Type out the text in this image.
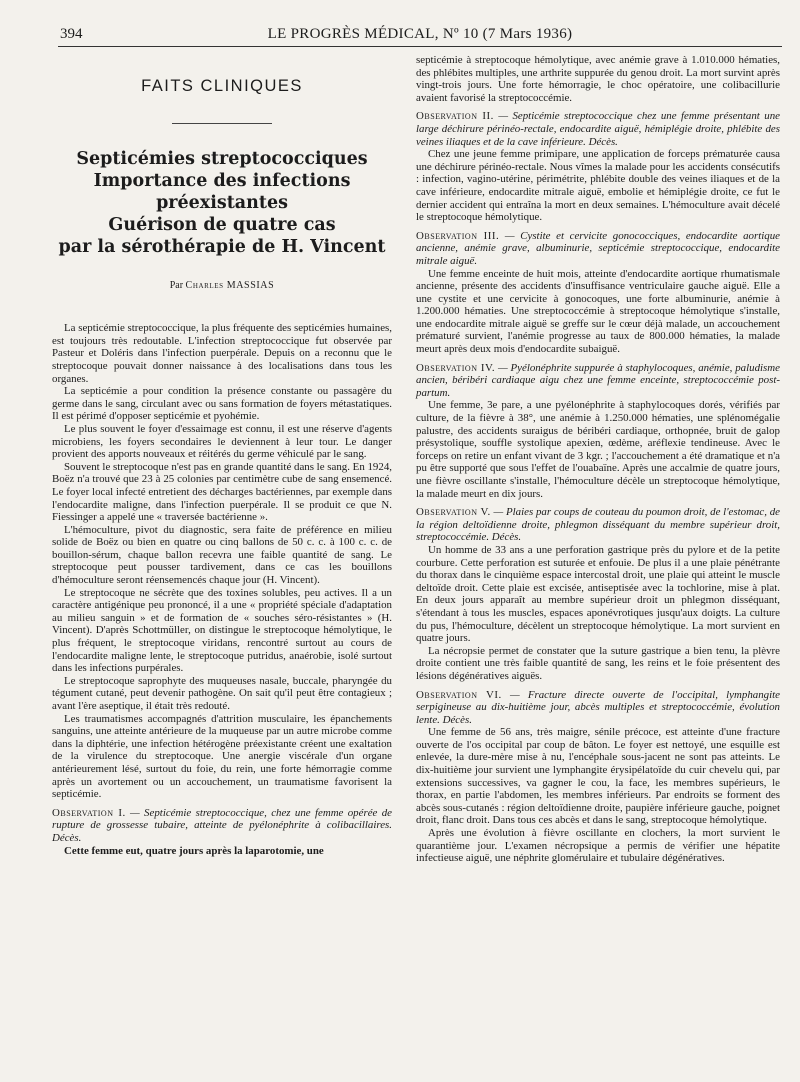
394	LE PROGRÈS MÉDICAL, Nº 10 (7 Mars 1936)
FAITS CLINIQUES
Septicémies streptococciques
Importance des infections préexistantes
Guérison de quatre cas
par la sérothérapie de H. Vincent
Par Charles MASSIAS

La septicémie streptococcique, la plus fréquente des septicémies humaines, est toujours très redoutable. L'infection streptococcique fut observée par Pasteur et Doléris dans l'infection puerpérale. Depuis on a reconnu que le streptocoque pouvait donner naissance à des localisations dans tous les organes.

La septicémie a pour condition la présence constante ou passagère du germe dans le sang, circulant avec ou sans formation de foyers métastatiques. Il est périmé d'opposer septicémie et pyohémie.

Le plus souvent le foyer d'essaimage est connu, il est une réserve d'agents microbiens, les foyers secondaires le deviennent à leur tour. Le danger provient des apports nouveaux et réitérés du germe véhiculé par le sang.

Souvent le streptocoque n'est pas en grande quantité dans le sang. En 1924, Boëz n'a trouvé que 23 à 25 colonies par centimètre cube de sang ensemencé. Le foyer local infecté entretient des décharges bactériennes, par exemple dans l'endocardite maligne, dans l'infection puerpérale. Il se produit ce que N. Fiessinger a appelé une « traversée bactérienne ».

L'hémoculture, pivot du diagnostic, sera faite de préférence en milieu solide de Boëz ou bien en quatre ou cinq ballons de 50 c. c. à 100 c. c. de bouillon-sérum, chaque ballon recevra une faible quantité de sang. Le streptocoque peut pousser tardivement, dans ce cas les bouillons d'hémoculture seront réensemencés chaque jour (H. Vincent).

Le streptocoque ne sécrète que des toxines solubles, peu actives. Il a un caractère antigénique peu prononcé, il a une « propriété spéciale d'adaptation au milieu sanguin » et de formation de « souches séro-résistantes » (H. Vincent). D'après Schottmüller, on distingue le streptocoque hémolytique, le plus fréquent, le streptocoque viridans, rencontré surtout au cours de l'endocardite maligne lente, le streptocoque putridus, anaérobie, isolé surtout dans les infections purpérales.

Le streptocoque saprophyte des muqueuses nasale, buccale, pharyngée du tégument cutané, peut devenir pathogène. On sait qu'il peut être contagieux ; avant l'ère aseptique, il était très redouté.

Les traumatismes accompagnés d'attrition musculaire, les épanchements sanguins, une atteinte antérieure de la muqueuse par un autre microbe comme dans la diphtérie, une infection hétérogène préexistante créent une exaltation de la virulence du streptocoque. Une anergie viscérale d'un organe antérieurement lésé, surtout du foie, du rein, une forte hémorragie comme après un avortement ou un accouchement, un traumatisme favorisent la septicémie.

Observation I. — Septicémie streptococcique, chez une femme opérée de rupture de grossesse tubaire, atteinte de pyélonéphrite à colibacillaires. Décès.

Cette femme eut, quatre jours après la laparotomie, une

septicémie à streptocoque hémolytique, avec anémie grave à 1.010.000 hématies, des phlébites multiples, une arthrite suppurée du genou droit. La mort survint après vingt-trois jours. Une forte hémorragie, le choc opératoire, une colibacillurie avaient favorisé la streptococcémie.

Observation II. — Septicémie streptococcique chez une femme présentant une large déchirure périnéo-rectale, endocardite aiguë, hémiplégie droite, phlébite des veines iliaques et de la cave inférieure. Décès.

Chez une jeune femme primipare, une application de forceps prématurée causa une déchirure périnéo-rectale. Nous vîmes la malade pour les accidents consécutifs : infection, vagino-utérine, périmétrite, phlébite double des veines iliaques et de la cave inférieure, endocardite mitrale aiguë, embolie et hémiplégie droite, ce fut le dernier accident qui entraîna la mort en deux semaines. L'hémoculture avait décelé le streptocoque hémolytique.

Observation III. — Cystite et cervicite gonococciques, endocardite aortique ancienne, anémie grave, albuminurie, septicémie streptococcique, endocardite mitrale aiguë.

Une femme enceinte de huit mois, atteinte d'endocardite aortique rhumatismale ancienne, présente des accidents d'insuffisance ventriculaire gauche aiguë. Elle a une cystite et une cervicite à gonocoques, une forte albuminurie, anémie à 1.200.000 hématies. Une streptococcémie à streptocoque hémolytique s'installe, une endocardite mitrale aiguë se greffe sur le cœur déjà malade, un accouchement prématuré survient, l'anémie progresse au taux de 800.000 hématies, la malade meurt après deux mois d'endocardite subaiguë.

Observation IV. — Pyélonéphrite suppurée à staphylocoques, anémie, paludisme ancien, béribéri cardiaque aigu chez une femme enceinte, streptococcémie post-partum.

Une femme, 3e pare, a une pyélonéphrite à staphylocoques dorés, vérifiés par culture, de la fièvre à 38°, une anémie à 1.250.000 hématies, une splénomégalie palustre, des accidents suraigus de béribéri cardiaque, orthopnée, bruit de galop présystolique, souffle systolique apexien, œdème, aréflexie tendineuse. Avec le forceps on retire un enfant vivant de 3 kgr. ; l'accouchement a été dramatique et n'a pu être supporté que sous l'effet de l'ouabaïne. Après une accalmie de quatre jours, une fièvre oscillante s'installe, l'hémoculture décèle un streptocoque hémolytique, la malade meurt en dix jours.

Observation V. — Plaies par coups de couteau du poumon droit, de l'estomac, de la région deltoïdienne droite, phlegmon disséquant du membre supérieur droit, streptococcémie. Décès.

Un homme de 33 ans a une perforation gastrique près du pylore et de la petite courbure. Cette perforation est suturée et enfouie. De plus il a une plaie pénétrante du thorax dans le cinquième espace intercostal droit, une plaie qui atteint le muscle deltoïde droit. Cette plaie est excisée, antiseptisée avec la tochlorine, mise à plat. En deux jours apparaît au membre supérieur droit un phlegmon disséquant, s'étendant à tous les muscles, espaces aponévrotiques jusqu'aux doigts. La culture du pus, l'hémoculture, décèlent un streptocoque hémolytique. La mort survient en quatre jours.

La nécropsie permet de constater que la suture gastrique a bien tenu, la plèvre droite contient une très faible quantité de sang, les reins et le foie présentent des lésions dégénératives aiguës.

Observation VI. — Fracture directe ouverte de l'occipital, lymphangite serpigineuse au dix-huitième jour, abcès multiples et streptococcémie, évolution lente. Décès.

Une femme de 56 ans, très maigre, sénile précoce, est atteinte d'une fracture ouverte de l'os occipital par coup de bâton. Le foyer est nettoyé, une esquille est enlevée, la dure-mère mise à nu, l'encéphale sous-jacent ne sont pas atteints. Le dix-huitième jour survient une lymphangite érysipélatoïde du cuir chevelu qui, par extensions successives, va gagner le cou, la face, les membres supérieurs, le thorax, en partie l'abdomen, les membres inférieurs. Par endroits se forment des abcès sous-cutanés : région deltoïdienne droite, paupière inférieure gauche, poignet droit, flanc droit. Dans tous ces abcès et dans le sang, streptocoque hémolytique.

Après une évolution à fièvre oscillante en clochers, la mort survient le quarantième jour. L'examen nécropsique a permis de vérifier une hépatite infectieuse aiguë, une néphrite glomérulaire et tubulaire dégénératives.
